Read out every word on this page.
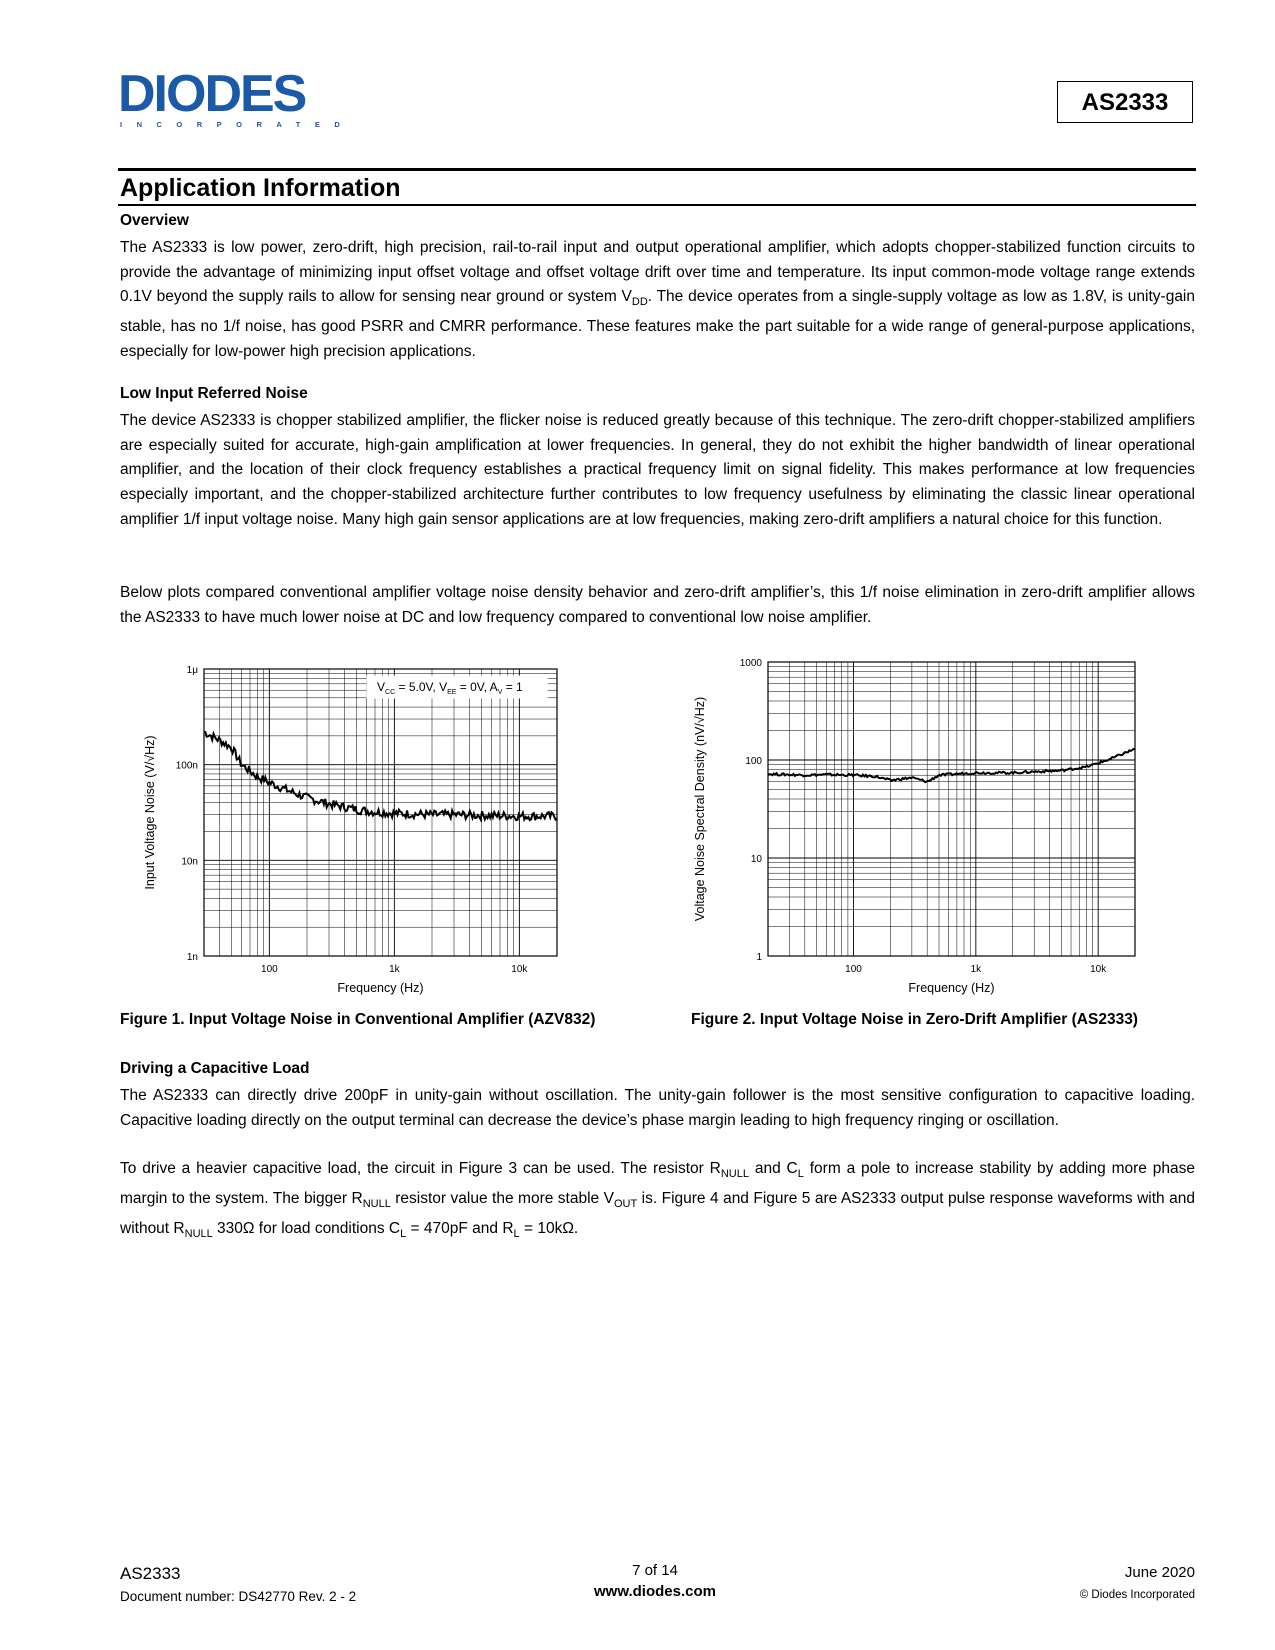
DIODES
INCORPORATED
AS2333
Application Information
Overview
The AS2333 is low power, zero-drift, high precision, rail-to-rail input and output operational amplifier, which adopts chopper-stabilized function circuits to provide the advantage of minimizing input offset voltage and offset voltage drift over time and temperature. Its input common-mode voltage range extends 0.1V beyond the supply rails to allow for sensing near ground or system $V_{DD}$. The device operates from a single-supply voltage as low as 1.8V, is unity-gain stable, has no 1/f noise, has good PSRR and CMRR performance. These features make the part suitable for a wide range of general-purpose applications, especially for low-power high precision applications.
Low Input Referred Noise
The device AS2333 is chopper stabilized amplifier, the flicker noise is reduced greatly because of this technique. The zero-drift chopper-stabilized amplifiers are especially suited for accurate, high-gain amplification at lower frequencies. In general, they do not exhibit the higher bandwidth of linear operational amplifier, and the location of their clock frequency establishes a practical frequency limit on signal fidelity. This makes performance at low frequencies especially important, and the chopper-stabilized architecture further contributes to low frequency usefulness by eliminating the classic linear operational amplifier 1/f input voltage noise. Many high gain sensor applications are at low frequencies, making zero-drift amplifiers a natural choice for this function.
Below plots compared conventional amplifier voltage noise density behavior and zero-drift amplifier’s, this 1/f noise elimination in zero-drift amplifier allows the AS2333 to have much lower noise at DC and low frequency compared to conventional low noise amplifier.
100	1k	10k
1μ
100n
10n
1n
Frequency (Hz)
Input Voltage Noise (V/√Hz)
$V_{CC} = 5.0V$, $V_{EE} = 0V$, $A_V = 1$
100	1k	10k
1000
100
10
1
Frequency (Hz)
Voltage Noise Spectral Density (nV/√Hz)
Figure 1. Input Voltage Noise in Conventional Amplifier (AZV832)	Figure 2. Input Voltage Noise in Zero-Drift Amplifier (AS2333)
Driving a Capacitive Load
The AS2333 can directly drive 200pF in unity-gain without oscillation. The unity-gain follower is the most sensitive configuration to capacitive loading. Capacitive loading directly on the output terminal can decrease the device’s phase margin leading to high frequency ringing or oscillation.
To drive a heavier capacitive load, the circuit in Figure 3 can be used. The resistor $R_{NULL}$ and $C_L$ form a pole to increase stability by adding more phase margin to the system. The bigger $R_{NULL}$ resistor value the more stable $V_{OUT}$ is. Figure 4 and Figure 5 are AS2333 output pulse response waveforms with and without $R_{NULL}$ 330Ω for load conditions $C_L = 470pF$ and $R_L = 10k\Omega$.
AS2333
Document number: DS42770 Rev. 2 - 2
7 of 14
www.diodes.com
June 2020
© Diodes Incorporated
